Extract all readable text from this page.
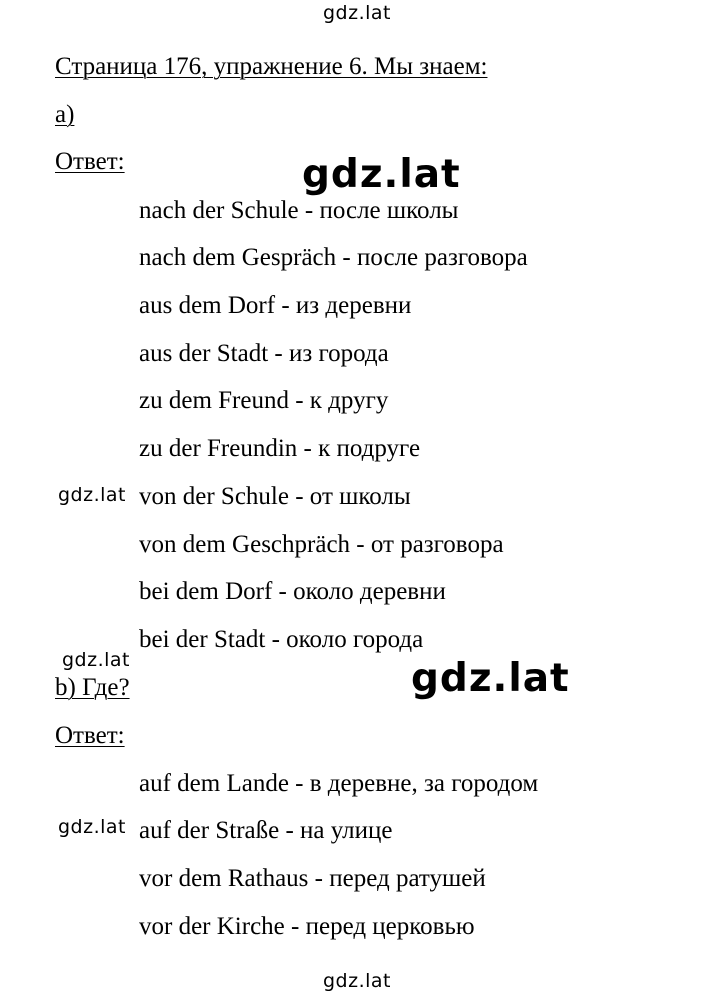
gdz.lat
gdz.lat
gdz.lat
gdz.lat	gdz.lat
gdz.lat
gdz.lat
Страница 176, упражнение 6. Мы знаем:
a)
Ответ:
nach der Schule - после школы
nach dem Gespräch - после разговора
aus dem Dorf - из деревни
aus der Stadt - из города
zu dem Freund - к другу
zu der Freundin - к подруге
von der Schule - от школы
von dem Geschpräch - от разговора
bei dem Dorf - около деревни
bei der Stadt - около города
b) Где?
Ответ:
auf dem Lande - в деревне, за городом
auf der Straße - на улице
vor dem Rathaus - перед ратушей
vor der Kirche - перед церковью
